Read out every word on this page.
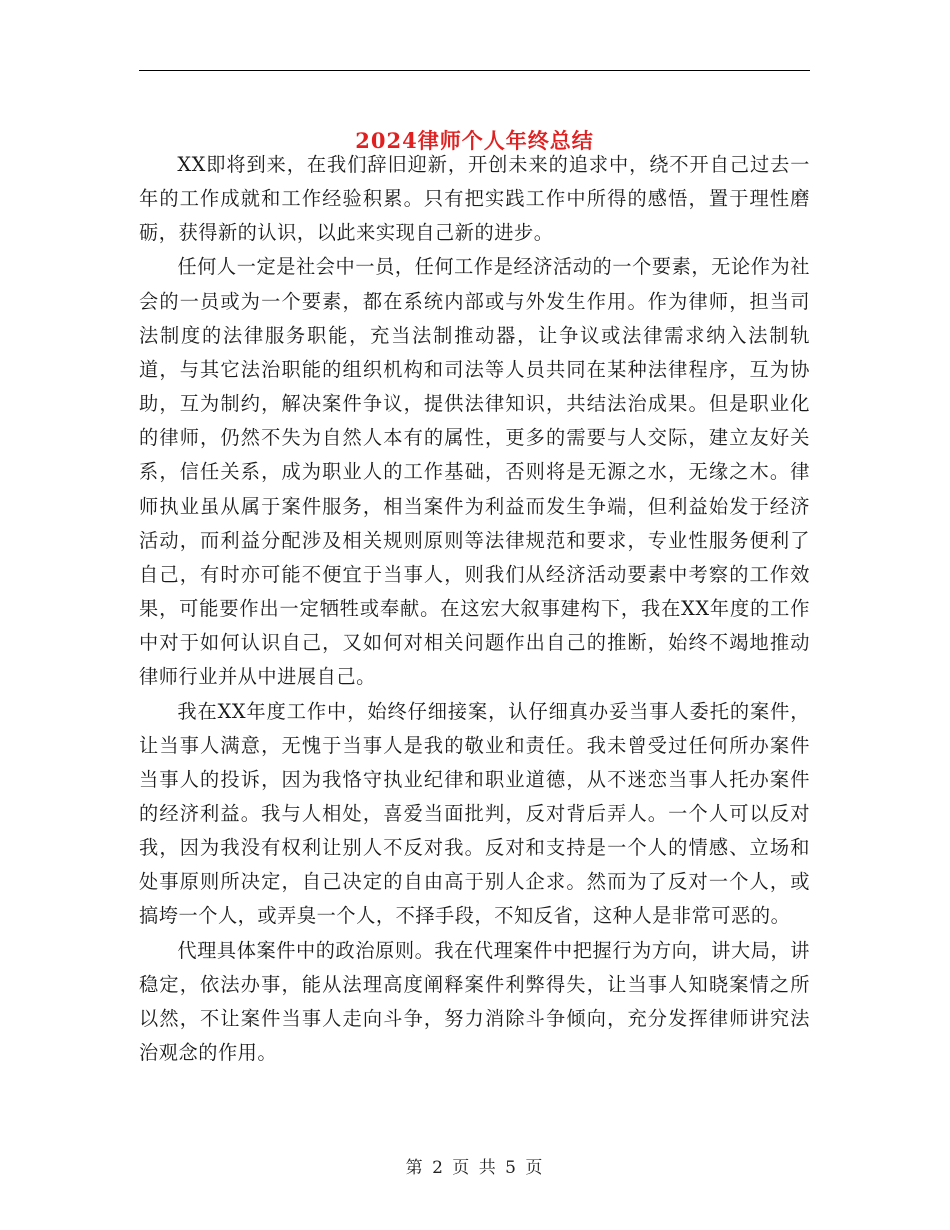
2024律师个人年终总结

XX即将到来，在我们辞旧迎新，开创未来的追求中，绕不开自己过去一年的工作成就和工作经验积累。只有把实践工作中所得的感悟，置于理性磨砺，获得新的认识，以此来实现自己新的进步。

任何人一定是社会中一员，任何工作是经济活动的一个要素，无论作为社会的一员或为一个要素，都在系统内部或与外发生作用。作为律师，担当司法制度的法律服务职能，充当法制推动器，让争议或法律需求纳入法制轨道，与其它法治职能的组织机构和司法等人员共同在某种法律程序，互为协助，互为制约，解决案件争议，提供法律知识，共结法治成果。但是职业化的律师，仍然不失为自然人本有的属性，更多的需要与人交际，建立友好关系，信任关系，成为职业人的工作基础，否则将是无源之水，无缘之木。律师执业虽从属于案件服务，相当案件为利益而发生争端，但利益始发于经济活动，而利益分配涉及相关规则原则等法律规范和要求，专业性服务便利了自己，有时亦可能不便宜于当事人，则我们从经济活动要素中考察的工作效果，可能要作出一定牺牲或奉献。在这宏大叙事建构下，我在XX年度的工作中对于如何认识自己，又如何对相关问题作出自己的推断，始终不竭地推动律师行业并从中进展自己。

我在XX年度工作中，始终仔细接案，认仔细真办妥当事人委托的案件，让当事人满意，无愧于当事人是我的敬业和责任。我未曾受过任何所办案件当事人的投诉，因为我恪守执业纪律和职业道德，从不迷恋当事人托办案件的经济利益。我与人相处，喜爱当面批判，反对背后弄人。一个人可以反对我，因为我没有权利让别人不反对我。反对和支持是一个人的情感、立场和处事原则所决定，自己决定的自由高于别人企求。然而为了反对一个人，或搞垮一个人，或弄臭一个人，不择手段，不知反省，这种人是非常可恶的。

代理具体案件中的政治原则。我在代理案件中把握行为方向，讲大局，讲稳定，依法办事，能从法理高度阐释案件利弊得失，让当事人知晓案情之所以然，不让案件当事人走向斗争，努力消除斗争倾向，充分发挥律师讲究法治观念的作用。

第 2 页 共 5 页
